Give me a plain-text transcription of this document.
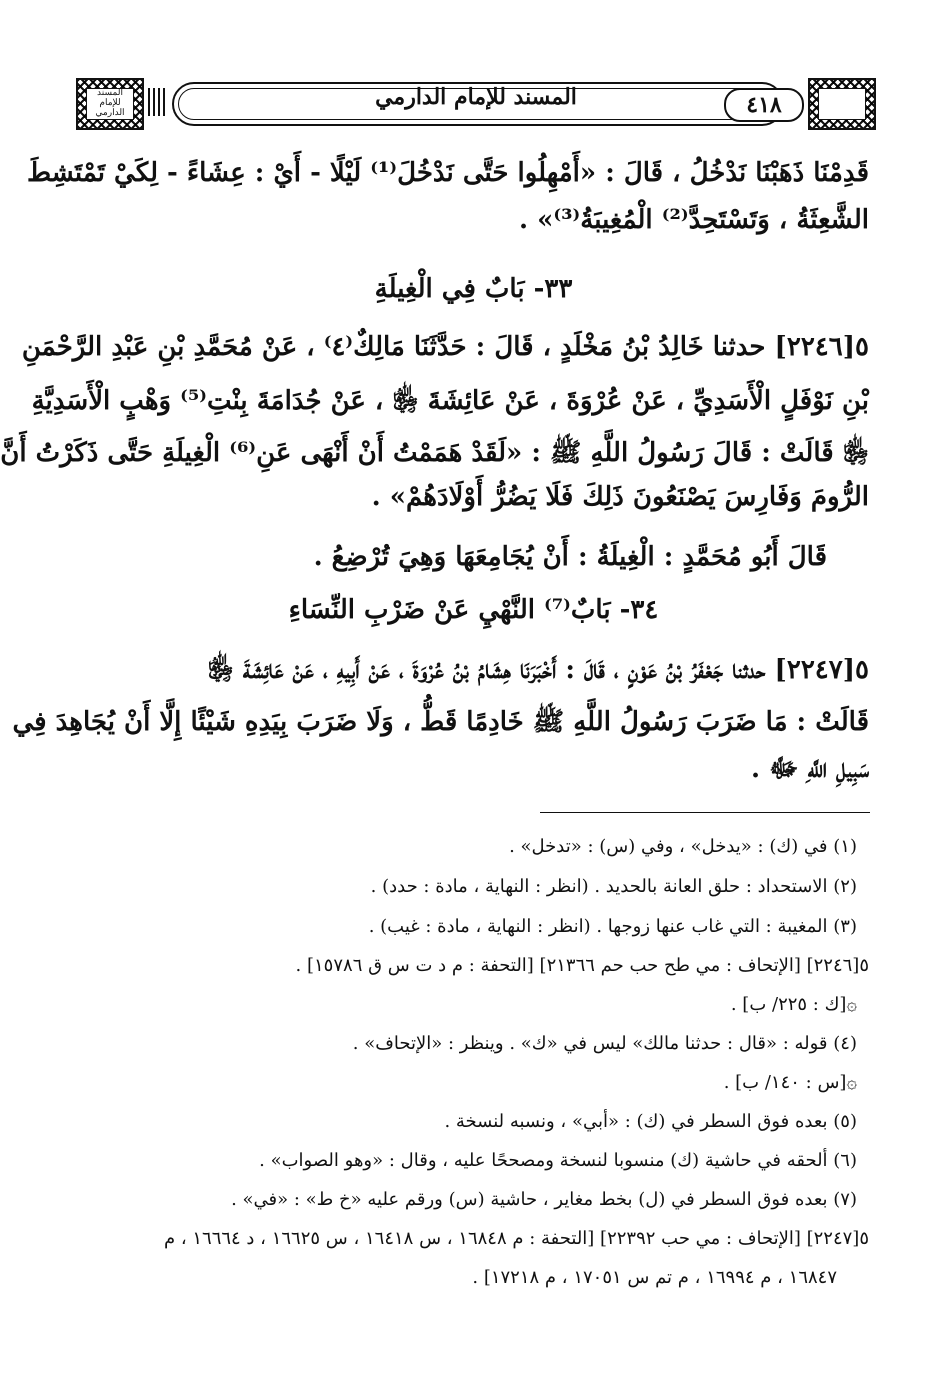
المسند للإمام الدارمي
المسند للإمام الدارمي	٤١٨
قَدِمْنَا ذَهَبْنَا نَدْخُلُ ، قَالَ : «أَمْهِلُوا حَتَّى نَدْخُلَ⁽¹⁾ لَيْلًا - أَيْ : عِشَاءً - لِكَيْ تَمْتَشِطَ
الشَّعِثَةُ ، وَتَسْتَحِدَّ⁽²⁾ الْمُغِيبَةُ⁽³⁾» .
٣٣- بَابٌ فِي الْغِيلَةِ
٥[٢٢٤٦] حدثنا خَالِدُ بْنُ مَخْلَدٍ ، قَالَ : حَدَّثَنَا مَالِكٌ⁽٤⁾ ، عَنْ مُحَمَّدِ بْنِ عَبْدِ الرَّحْمَنِ
بْنِ نَوْفَلٍ الْأَسَدِيِّ ، عَنْ عُرْوَةَ ، عَنْ عَائِشَةَ ﵂ ، عَنْ جُدَامَةَ بِنْتِ⁽⁵⁾ وَهْبٍ الْأَسَدِيَّةِ
﵂ قَالَتْ : قَالَ رَسُولُ اللَّهِ ﷺ : «لَقَدْ هَمَمْتُ أَنْ أَنْهَى عَنِ⁽⁶⁾ الْغِيلَةِ حَتَّى ذَكَرْتُ أَنَّ
الرُّومَ وَفَارِسَ يَصْنَعُونَ ذَلِكَ فَلَا يَضُرُّ أَوْلَادَهُمْ» .
قَالَ أَبُو مُحَمَّدٍ : الْغِيلَةُ : أَنْ يُجَامِعَهَا وَهِيَ تُرْضِعُ .
٣٤- بَابٌ⁽⁷⁾ النَّهْيِ عَنْ ضَرْبِ النِّسَاءِ
٥[٢٢٤٧] حدثنا جَعْفَرُ بْنُ عَوْنٍ ، قَالَ : أَخْبَرَنَا هِشَامُ بْنُ عُرْوَةَ ، عَنْ أَبِيهِ ، عَنْ عَائِشَةَ ﵂
قَالَتْ : مَا ضَرَبَ رَسُولُ اللَّهِ ﷺ خَادِمًا قَطُّ ، وَلَا ضَرَبَ بِيَدِهِ شَيْئًا إِلَّا أَنْ يُجَاهِدَ فِي
سَبِيلِ اللَّهِ ﷻ .
(١) في (ك) : «يدخل» ، وفي (س) : «تدخل» .
(٢) الاستحداد : حلق العانة بالحديد . (انظر : النهاية ، مادة : حدد) .
(٣) المغيبة : التي غاب عنها زوجها . (انظر : النهاية ، مادة : غيب) .
٥[٢٢٤٦] [الإتحاف : مي طح حب حم ٢١٣٦٦] [التحفة : م د ت س ق ١٥٧٨٦] .
۞[ك : ٢٢٥/ ب] .
(٤) قوله : «قال : حدثنا مالك» ليس في «ك» . وينظر : «الإتحاف» .
۞[س : ١٤٠/ ب] .
(٥) بعده فوق السطر في (ك) : «أبي» ، ونسبه لنسخة .
(٦) ألحقه في حاشية (ك) منسوبا لنسخة ومصححًا عليه ، وقال : «وهو الصواب» .
(٧) بعده فوق السطر في (ل) بخط مغاير ، حاشية (س) ورقم عليه «خ ط» : «في» .
٥[٢٢٤٧] [الإتحاف : مي حب ٢٢٣٩٢] [التحفة : م ١٦٨٤٨ ، س ١٦٤١٨ ، س ١٦٦٢٥ ، د ١٦٦٦٤ ، م
١٦٨٤٧ ، م ١٦٩٩٤ ، م تم س ١٧٠٥١ ، م ١٧٢١٨] .
